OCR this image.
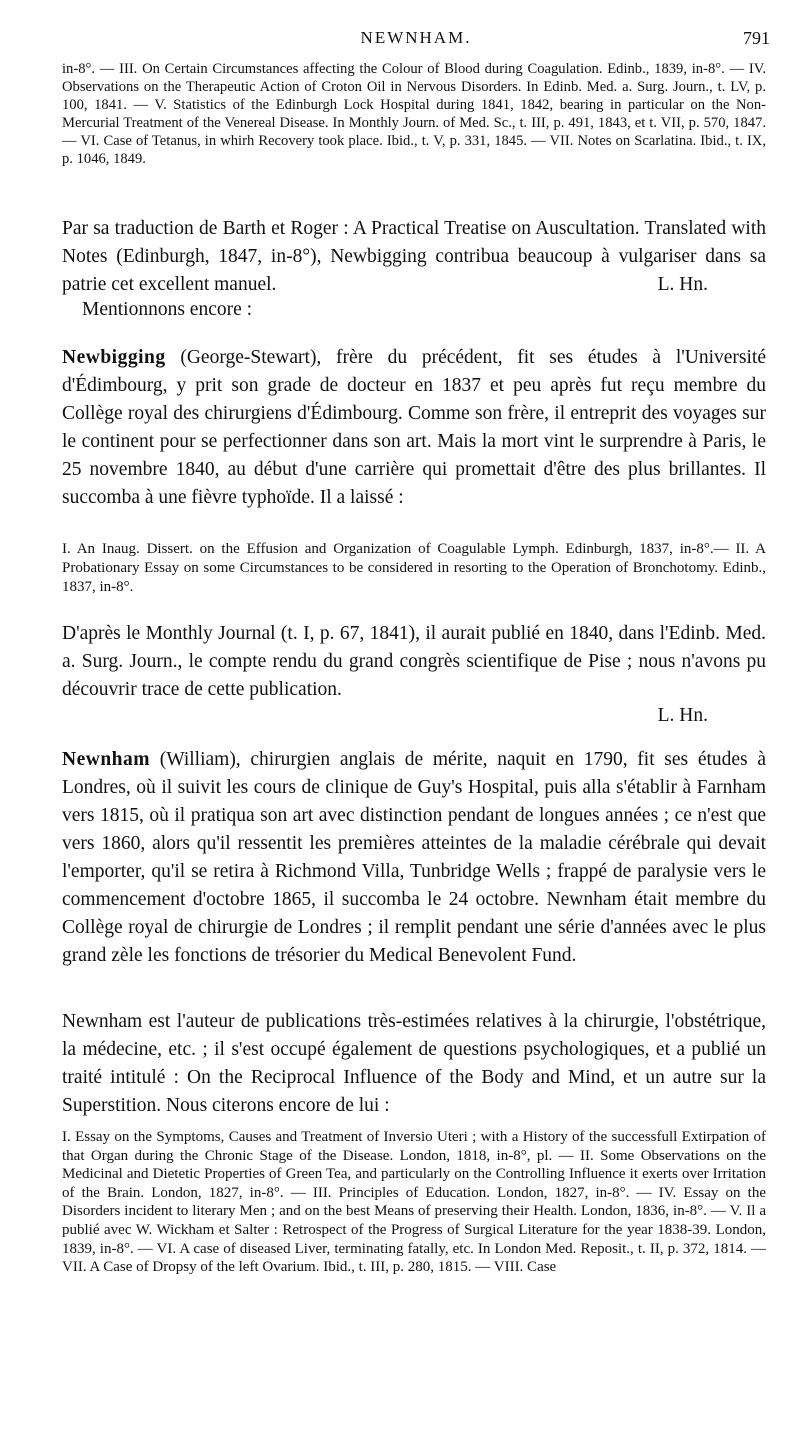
NEWNHAM.	791
in-8°. — III. On Certain Circumstances affecting the Colour of Blood during Coagulation. Edinb., 1839, in-8°. — IV. Observations on the Therapeutic Action of Croton Oil in Nervous Disorders. In Edinb. Med. a. Surg. Journ., t. LV, p. 100, 1841. — V. Statistics of the Edinburgh Lock Hospital during 1841, 1842, bearing in particular on the Non-Mercurial Treatment of the Venereal Disease. In Monthly Journ. of Med. Sc., t. III, p. 491, 1843, et t. VII, p. 570, 1847. — VI. Case of Tetanus, in whirh Recovery took place. Ibid., t. V, p. 331, 1845. — VII. Notes on Scarlatina. Ibid., t. IX, p. 1046, 1849.
Par sa traduction de Barth et Roger : A Practical Treatise on Auscultation. Translated with Notes (Edinburgh, 1847, in-8°), Newbigging contribua beaucoup à vulgariser dans sa patrie cet excellent manuel.	L. Hn.
Mentionnons encore :
Newbigging (George-Stewart), frère du précédent, fit ses études à l'Université d'Édimbourg, y prit son grade de docteur en 1837 et peu après fut reçu membre du Collège royal des chirurgiens d'Édimbourg. Comme son frère, il entreprit des voyages sur le continent pour se perfectionner dans son art. Mais la mort vint le surprendre à Paris, le 25 novembre 1840, au début d'une carrière qui promettait d'être des plus brillantes. Il succomba à une fièvre typhoïde. Il a laissé :
I. An Inaug. Dissert. on the Effusion and Organization of Coagulable Lymph. Edinburgh, 1837, in-8°.— II. A Probationary Essay on some Circumstances to be considered in resorting to the Operation of Bronchotomy. Edinb., 1837, in-8°.
D'après le Monthly Journal (t. I, p. 67, 1841), il aurait publié en 1840, dans l'Edinb. Med. a. Surg. Journ., le compte rendu du grand congrès scientifique de Pise ; nous n'avons pu découvrir trace de cette publication.
L. Hn.
Newnham (William), chirurgien anglais de mérite, naquit en 1790, fit ses études à Londres, où il suivit les cours de clinique de Guy's Hospital, puis alla s'établir à Farnham vers 1815, où il pratiqua son art avec distinction pendant de longues années ; ce n'est que vers 1860, alors qu'il ressentit les premières atteintes de la maladie cérébrale qui devait l'emporter, qu'il se retira à Richmond Villa, Tunbridge Wells ; frappé de paralysie vers le commencement d'octobre 1865, il succomba le 24 octobre. Newnham était membre du Collège royal de chirurgie de Londres ; il remplit pendant une série d'années avec le plus grand zèle les fonctions de trésorier du Medical Benevolent Fund.
Newnham est l'auteur de publications très-estimées relatives à la chirurgie, l'obstétrique, la médecine, etc. ; il s'est occupé également de questions psychologiques, et a publié un traité intitulé : On the Reciprocal Influence of the Body and Mind, et un autre sur la Superstition. Nous citerons encore de lui :
I. Essay on the Symptoms, Causes and Treatment of Inversio Uteri ; with a History of the successfull Extirpation of that Organ during the Chronic Stage of the Disease. London, 1818, in-8°, pl. — II. Some Observations on the Medicinal and Dietetic Properties of Green Tea, and particularly on the Controlling Influence it exerts over Irritation of the Brain. London, 1827, in-8°. — III. Principles of Education. London, 1827, in-8°. — IV. Essay on the Disorders incident to literary Men ; and on the best Means of preserving their Health. London, 1836, in-8°. — V. Il a publié avec W. Wickham et Salter : Retrospect of the Progress of Surgical Literature for the year 1838-39. London, 1839, in-8°. — VI. A case of diseased Liver, terminating fatally, etc. In London Med. Reposit., t. II, p. 372, 1814. — VII. A Case of Dropsy of the left Ovarium. Ibid., t. III, p. 280, 1815. — VIII. Case
